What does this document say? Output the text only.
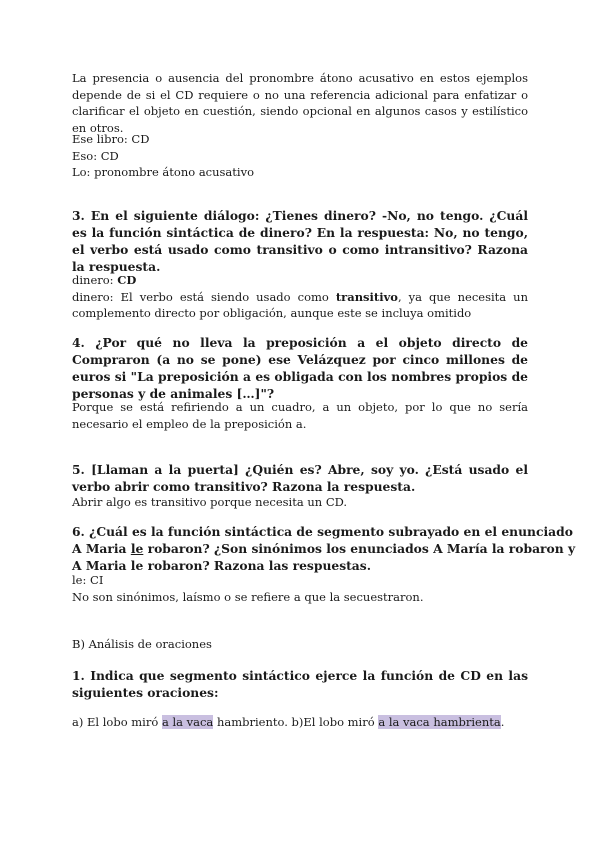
La presencia o ausencia del pronombre átono acusativo en estos ejemplos depende de si el CD requiere o no una referencia adicional para enfatizar o clarificar el objeto en cuestión, siendo opcional en algunos casos y estilístico en otros.
Ese libro: CD
Eso: CD
Lo: pronombre átono acusativo
3. En el siguiente diálogo: ¿Tienes dinero? -No, no tengo. ¿Cuál es la función sintáctica de dinero? En la respuesta: No, no tengo, el verbo está usado como transitivo o como intransitivo? Razona la respuesta.
dinero: CD
dinero: El verbo está siendo usado como transitivo, ya que necesita un complemento directo por obligación, aunque este se incluya omitido
4. ¿Por qué no lleva la preposición a el objeto directo de Compraron (a no se pone) ese Velázquez por cinco millones de euros si "La preposición a es obligada con los nombres propios de personas y de animales […]"?
Porque se está refiriendo a un cuadro, a un objeto, por lo que no sería necesario el empleo de la preposición a.
5. [Llaman a la puerta] ¿Quién es? Abre, soy yo. ¿Está usado el verbo abrir como transitivo? Razona la respuesta.
Abrir algo es transitivo porque necesita un CD.
6. ¿Cuál es la función sintáctica de segmento subrayado en el enunciado
A Maria le robaron? ¿Son sinónimos los enunciados A María la robaron y
A Maria le robaron? Razona las respuestas.
le: CI
No son sinónimos, laísmo o se refiere a que la secuestraron.
B) Análisis de oraciones
1. Indica que segmento sintáctico ejerce la función de CD en las siguientes oraciones:
a) El lobo miró a la vaca hambriento. b)El lobo miró a la vaca hambrienta.
